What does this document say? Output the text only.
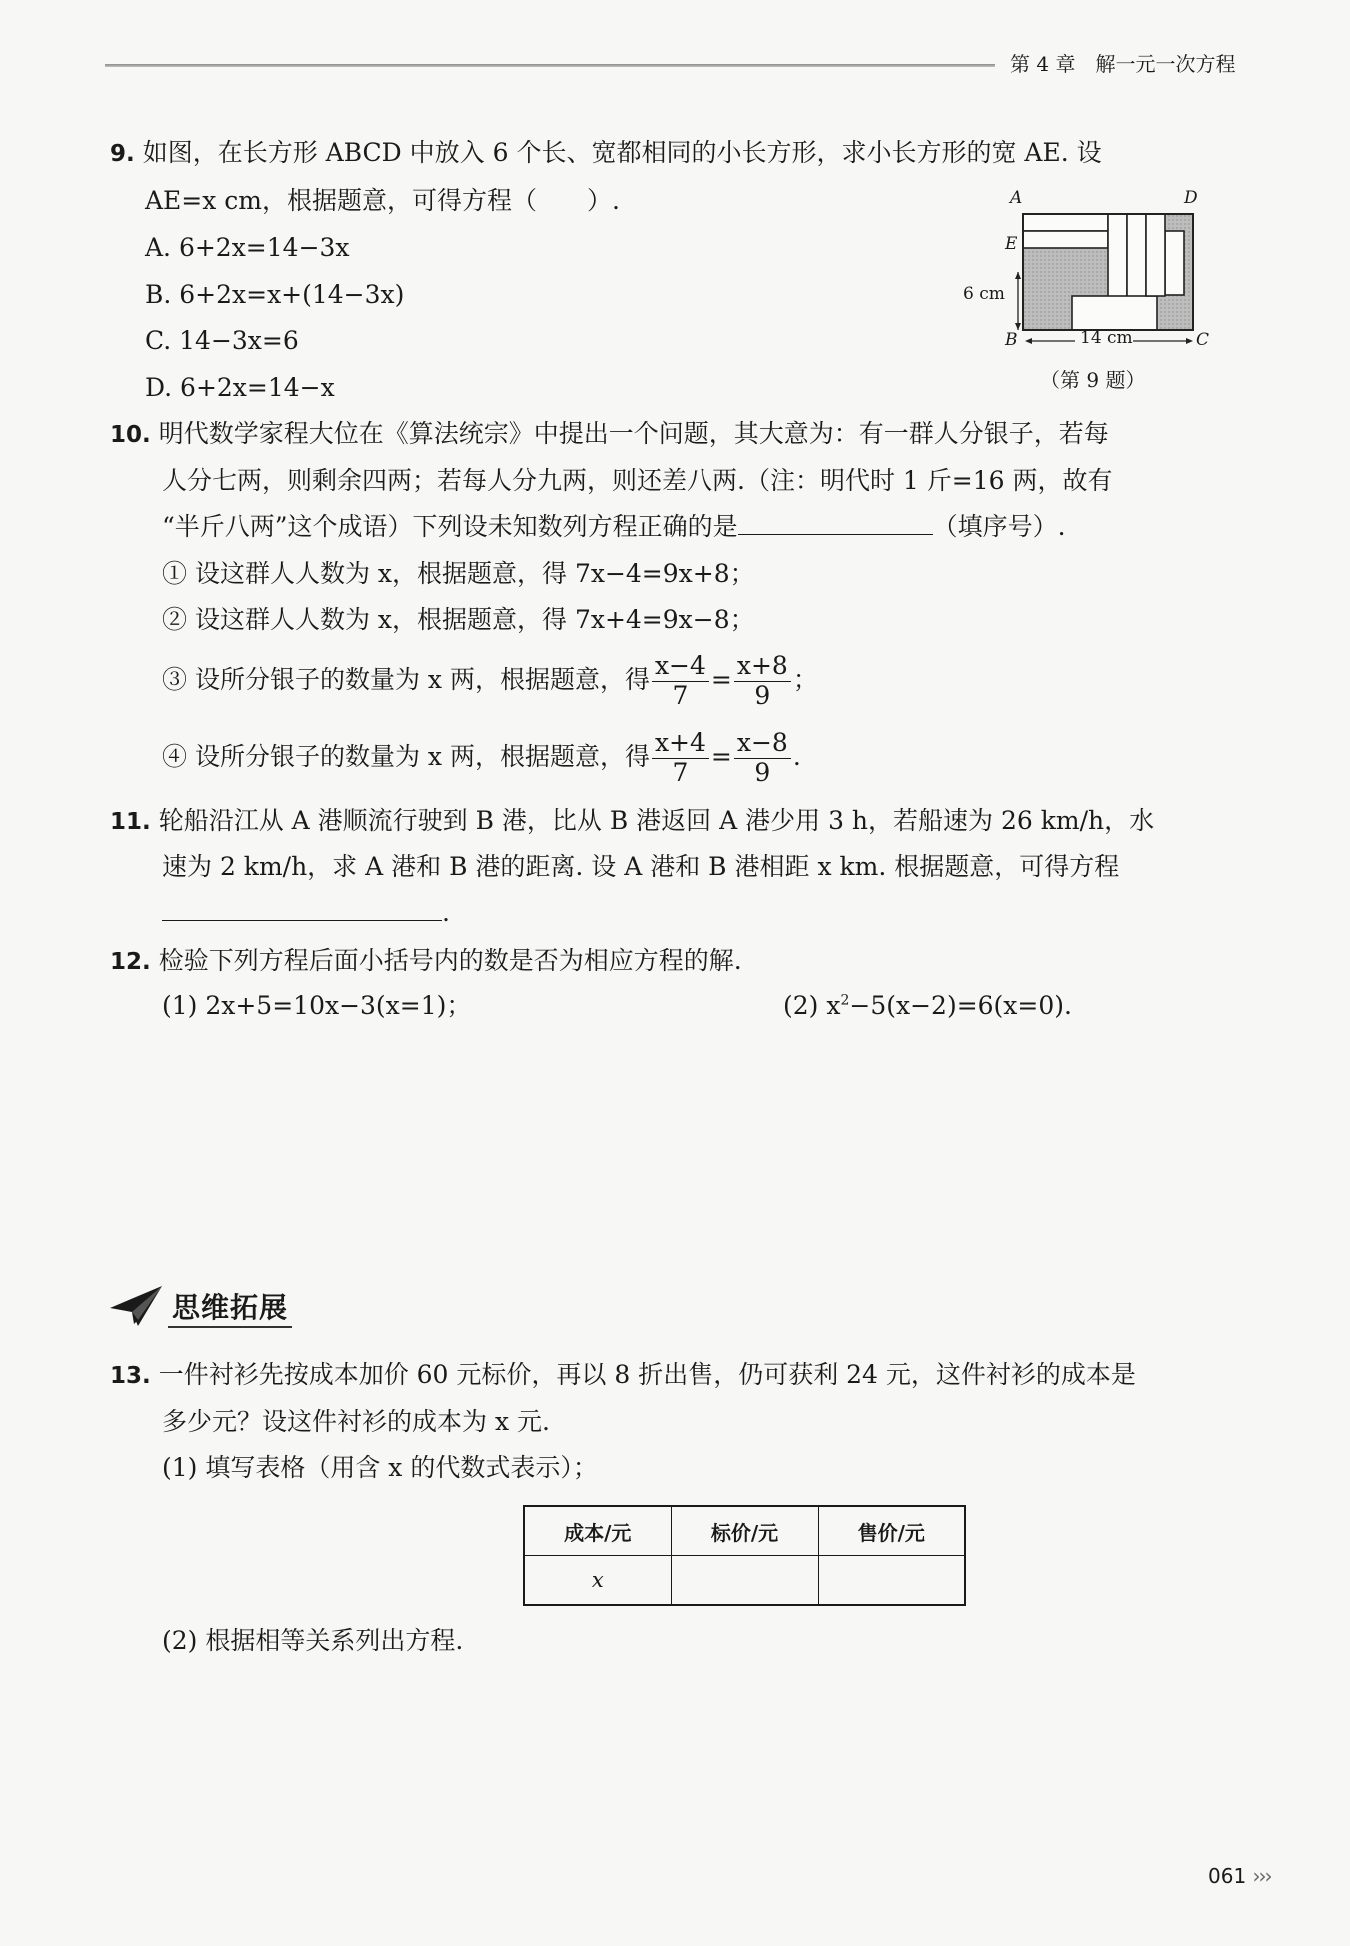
第 4 章　解一元一次方程
9. 如图，在长方形 ABCD 中放入 6 个长、宽都相同的小长方形，求小长方形的宽 AE. 设
AE=x cm，根据题意，可得方程（　　）.
A. 6+2x=14−3x
B. 6+2x=x+(14−3x)
C. 14−3x=6
D. 6+2x=14−x
A	D
E
B	C
6 cm
14 cm
（第 9 题）
10. 明代数学家程大位在《算法统宗》中提出一个问题，其大意为：有一群人分银子，若每
人分七两，则剩余四两；若每人分九两，则还差八两.（注：明代时 1 斤=16 两，故有
“半斤八两”这个成语）下列设未知数列方程正确的是	（填序号）.
① 设这群人人数为 x，根据题意，得 7x−4=9x+8；
② 设这群人人数为 x，根据题意，得 7x+4=9x−8；
③ 设所分银子的数量为 x 两，根据题意，得 $\frac{x-4}{7} = \frac{x+8}{9}$ ；
④ 设所分银子的数量为 x 两，根据题意，得 $\frac{x+4}{7} = \frac{x-8}{9}$ .
11. 轮船沿江从 A 港顺流行驶到 B 港，比从 B 港返回 A 港少用 3 h，若船速为 26 km/h，水
速为 2 km/h，求 A 港和 B 港的距离. 设 A 港和 B 港相距 x km. 根据题意，可得方程
.
12. 检验下列方程后面小括号内的数是否为相应方程的解.
(1) 2x+5=10x−3(x=1)；	(2) $x^2-5(x-2)=6(x=0)$.
思维拓展
13. 一件衬衫先按成本加价 60 元标价，再以 8 折出售，仍可获利 24 元，这件衬衫的成本是
多少元？设这件衬衫的成本为 x 元.
(1) 填写表格（用含 x 的代数式表示）；
成本/元	标价/元	售价/元
x		
(2) 根据相等关系列出方程.
061 ›››
